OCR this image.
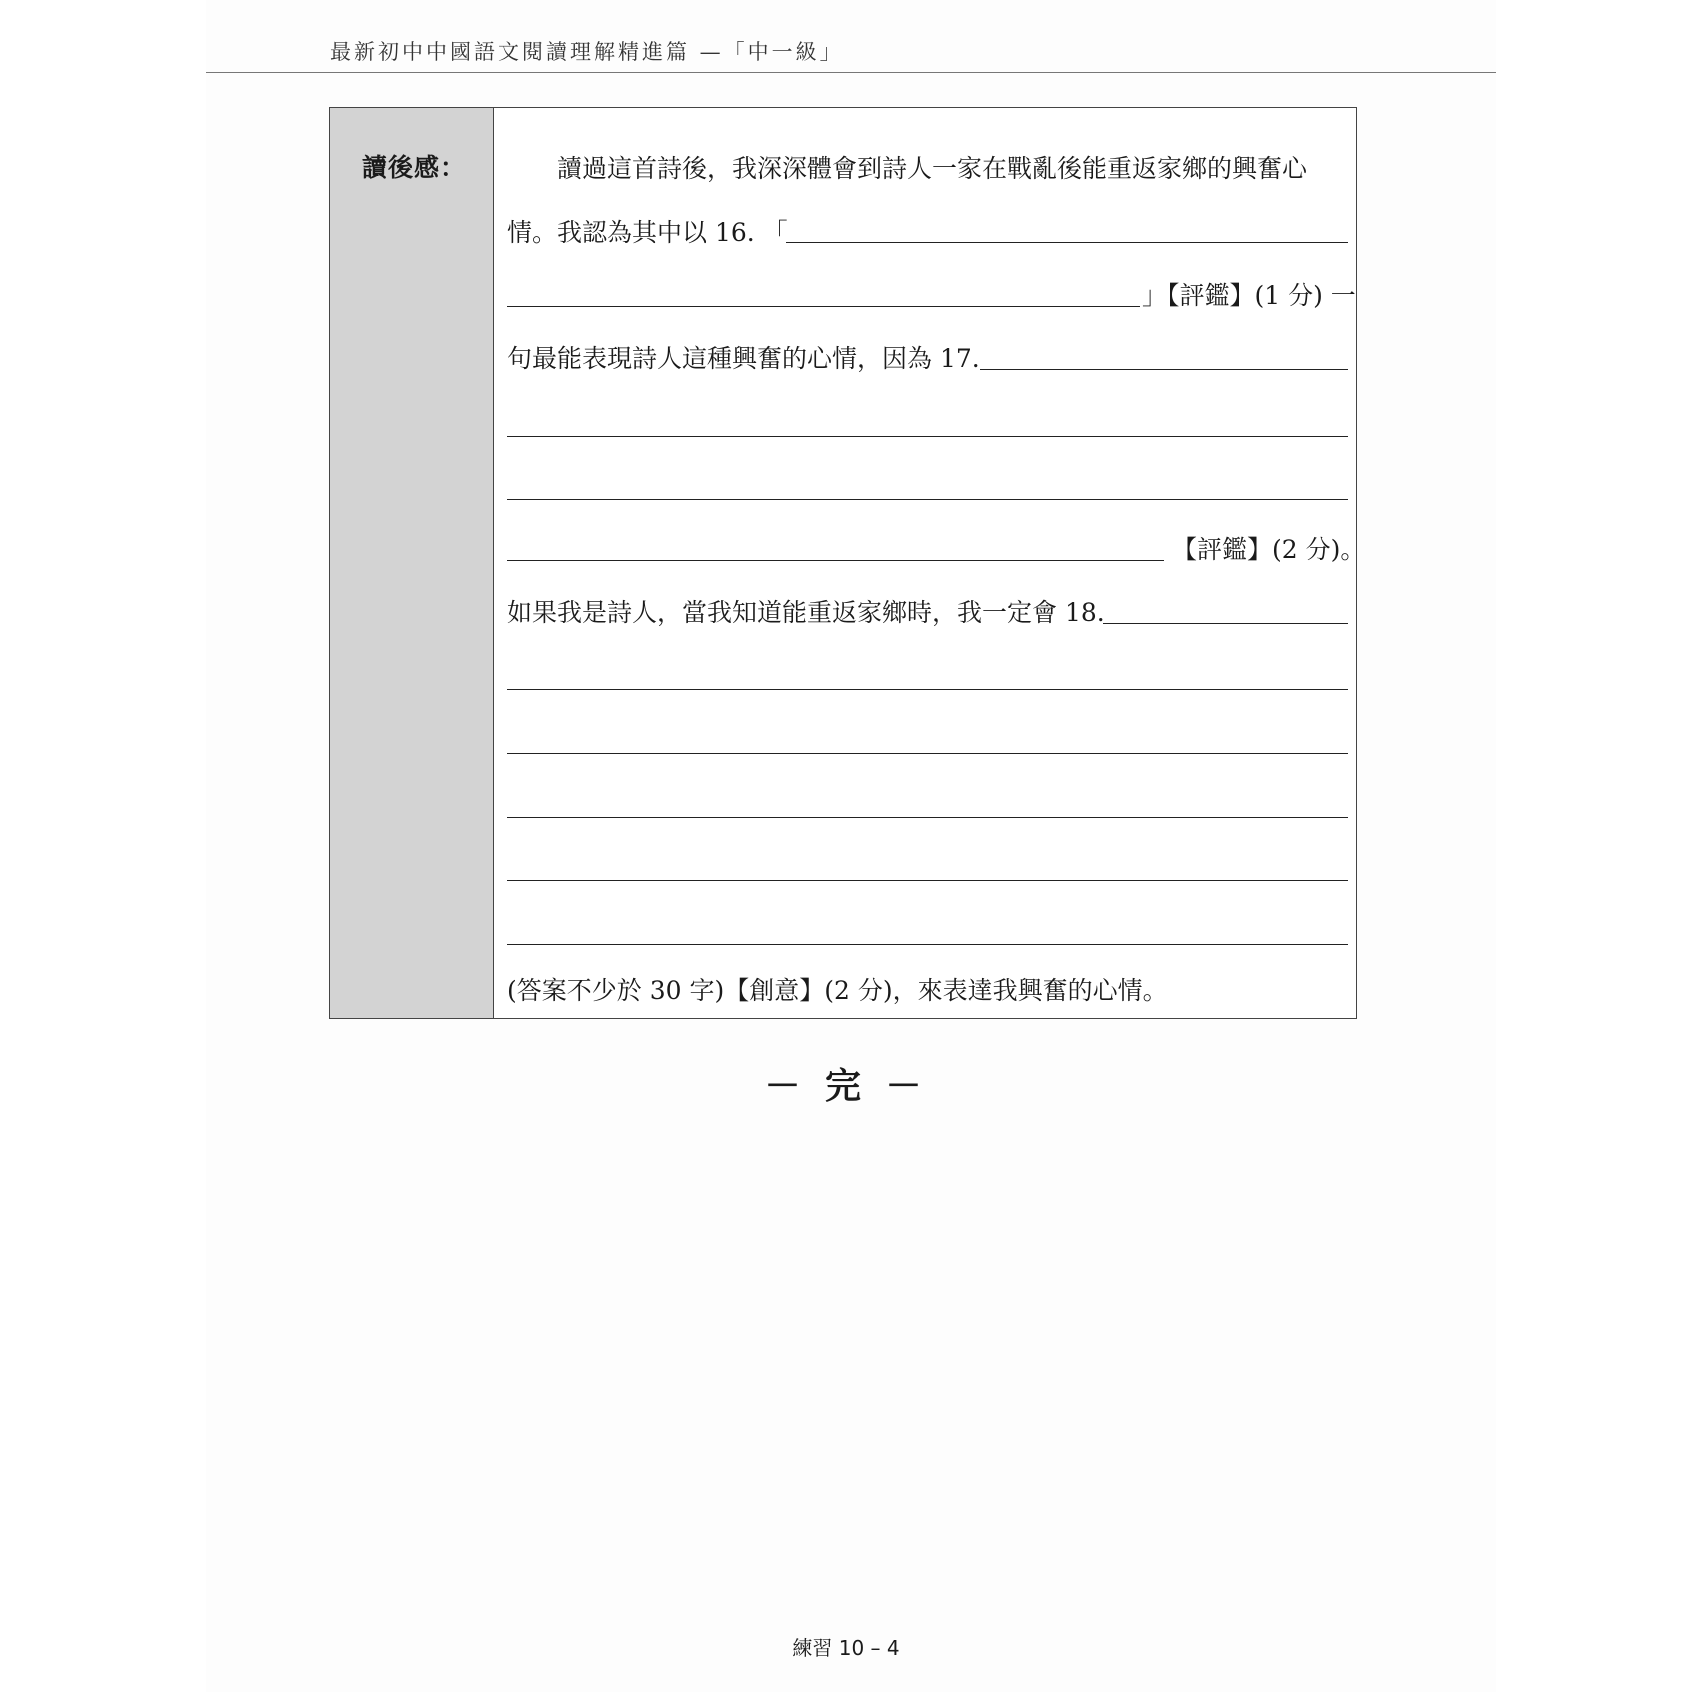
最新初中中國語文閱讀理解精進篇 —「中一級」
讀後感：	讀過這首詩後，我深深體會到詩人一家在戰亂後能重返家鄉的興奮心
情。我認為其中以 16. 「
」【評鑑】(1 分) 一
句最能表現詩人這種興奮的心情，因為 17.
【評鑑】(2 分)。
如果我是詩人，當我知道能重返家鄉時，我一定會 18.
(答案不少於 30 字)【創意】(2 分)，來表達我興奮的心情。
－ 完 －
練習 10 – 4
